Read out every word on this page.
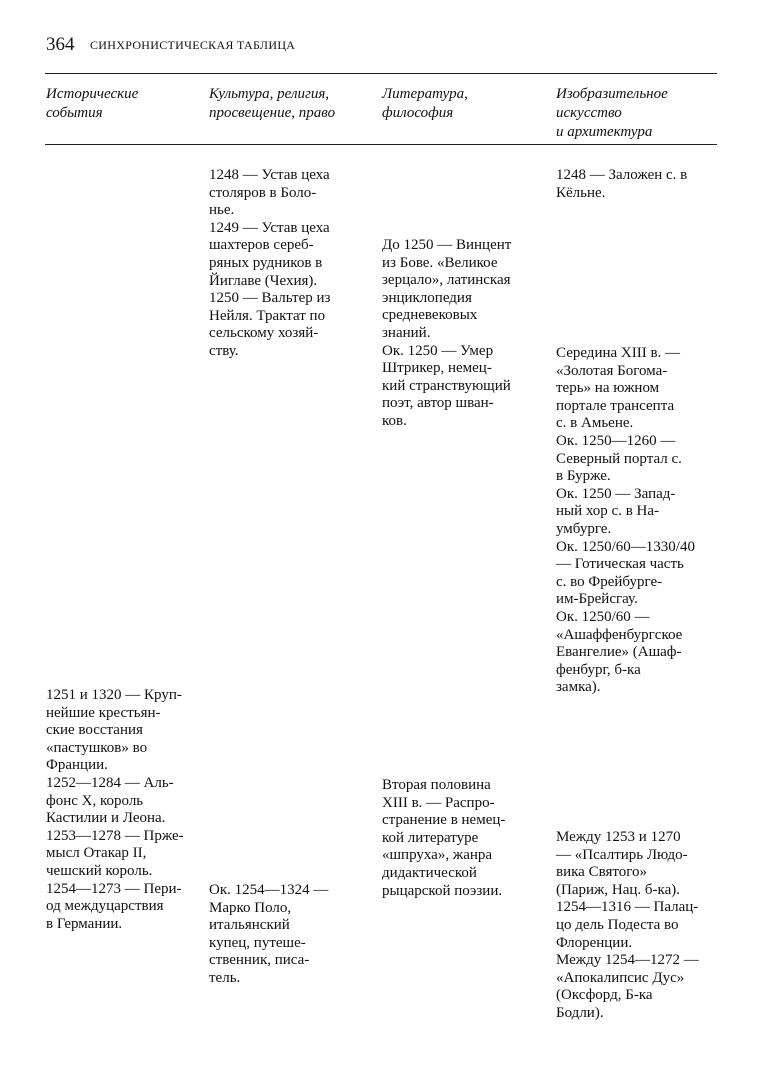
364 СИНХРОНИСТИЧЕСКАЯ ТАБЛИЦА
Исторические
события
Культура, религия,
просвещение, право
Литература,
философия
Изобразительное
искусство
и архитектура
1251 и 1320 — Круп-
нейшие крестьян-
ские восстания
«пастушков» во
Франции.
1252—1284 — Аль-
фонс X, король
Кастилии и Леона.
1253—1278 — Прже-
мысл Отакар II,
чешский король.
1254—1273 — Пери-
од междуцарствия
в Германии.
1248 — Устав цеха
столяров в Боло-
нье.
1249 — Устав цеха
шахтеров сереб-
ряных рудников в
Йиглаве (Чехия).
1250 — Вальтер из
Нейля. Трактат по
сельскому хозяй-
ству.
Ок. 1254—1324 —
Марко Поло,
итальянский
купец, путеше-
ственник, писа-
тель.
До 1250 — Винцент
из Бове. «Великое
зерцало», латинская
энциклопедия
средневековых
знаний.
Ок. 1250 — Умер
Штрикер, немец-
кий странствующий
поэт, автор шван-
ков.
Вторая половина
XIII в. — Распро-
странение в немец-
кой литературе
«шпруха», жанра
дидактической
рыцарской поэзии.
1248 — Заложен с. в
Кёльне.
Середина XIII в. —
«Золотая Богома-
терь» на южном
портале трансепта
с. в Амьене.
Ок. 1250—1260 —
Северный портал с.
в Бурже.
Ок. 1250 — Запад-
ный хор с. в На-
умбурге.
Ок. 1250/60—1330/40
— Готическая часть
с. во Фрейбурге-
им-Брейсгау.
Ок. 1250/60 —
«Ашаффенбургское
Евангелие» (Ашаф-
фенбург, б-ка
замка).
Между 1253 и 1270
— «Псалтирь Людо-
вика Святого»
(Париж, Нац. б-ка).
1254—1316 — Палац-
цо дель Подеста во
Флоренции.
Между 1254—1272 —
«Апокалипсис Дус»
(Оксфорд, Б-ка
Бодли).
